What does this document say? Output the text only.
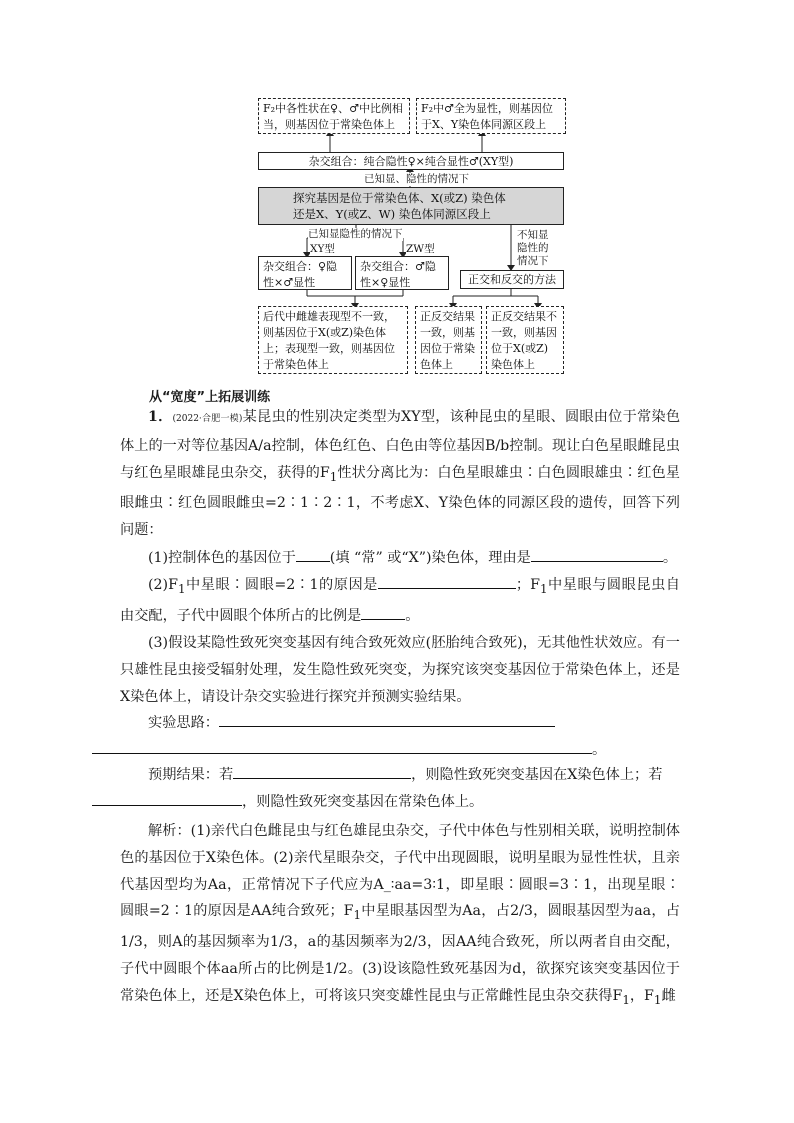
F₂中各性状在♀、♂中比例相当，则基因位于常染色体上
F₂中♂全为显性，则基因位于X、Y染色体同源区段上
杂交组合：纯合隐性♀×纯合显性♂(XY型)
已知显、隐性的情况下
探究基因是位于常染色体、X(或Z) 染色体
还是X、Y(或Z、W) 染色体同源区段上
已知显隐性的情况下
XY型	ZW型
不知显隐性的情况下
杂交组合：♀隐性×♂显性
杂交组合：♂隐性×♀显性	正交和反交的方法
后代中雌雄表现型不一致，则基因位于X(或Z)染色体上；表现型一致，则基因位于常染色体上
正反交结果一致，则基因位于常染色体上
正反交结果不一致，则基因位于X(或Z)染色体上
从“宽度”上拓展训练
1．(2022·合肥一模)某昆虫的性别决定类型为XY型，该种昆虫的星眼、圆眼由位于常染色体上的一对等位基因A/a控制，体色红色、白色由等位基因B/b控制。现让白色星眼雌昆虫与红色星眼雄昆虫杂交，获得的$F_1$性状分离比为：白色星眼雄虫∶白色圆眼雄虫∶红色星眼雌虫∶红色圆眼雌虫=2∶1∶2∶1，不考虑X、Y染色体的同源区段的遗传，回答下列问题：
(1)控制体色的基因位于 (填 “常” 或“X”)染色体，理由是	。
$(2)F_1$中星眼∶圆眼=2∶1的原因是	；$F_1$中星眼与圆眼昆虫自由交配，子代中圆眼个体所占的比例是	。
(3)假设某隐性致死突变基因有纯合致死效应(胚胎纯合致死)，无其他性状效应。有一只雄性昆虫接受辐射处理，发生隐性致死突变，为探究该突变基因位于常染色体上，还是X染色体上，请设计杂交实验进行探究并预测实验结果。
实验思路：
。
预期结果：若	，则隐性致死突变基因在X染色体上；若
，则隐性致死突变基因在常染色体上。
解析：(1)亲代白色雌昆虫与红色雄昆虫杂交，子代中体色与性别相关联，说明控制体色的基因位于X染色体。(2)亲代星眼杂交，子代中出现圆眼，说明星眼为显性性状，且亲代基因型均为Aa，正常情况下子代应为A_∶aa=3∶1，即星眼∶圆眼=3∶1，出现星眼∶圆眼=2∶1的原因是AA纯合致死；$F_1$中星眼基因型为Aa，占2/3，圆眼基因型为aa，占1/3，则A的基因频率为1/3，a的基因频率为2/3，因AA纯合致死，所以两者自由交配，子代中圆眼个体aa所占的比例是1/2。(3)设该隐性致死基因为d，欲探究该突变基因位于常染色体上，还是X染色体上，可将该只突变雄性昆虫与正常雌性昆虫杂交获得$F_1$，$F_1$雌
